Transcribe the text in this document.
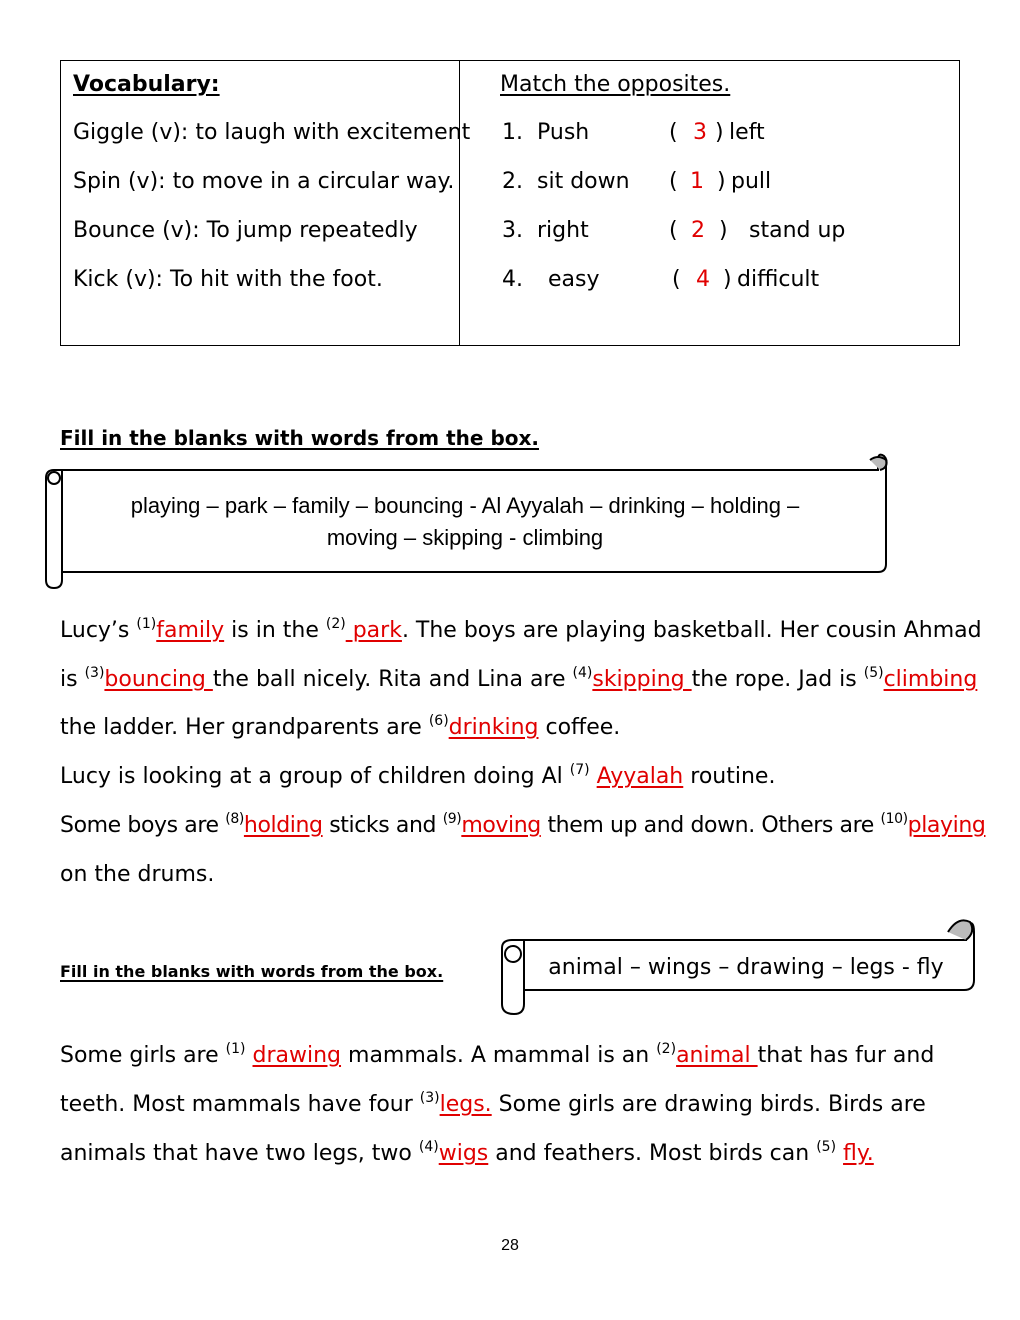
Vocabulary:
Giggle (v): to laugh with excitement
Spin (v): to move in a circular way.
Bounce (v): To jump repeatedly
Kick (v): To hit with the foot.
Match the opposites.
1. Push	( 3 ) left
2. sit down ( 1 ) pull
3. right	( 2 ) stand up
4. easy	( 4 ) difficult
Fill in the blanks with words from the box.
playing – park – family – bouncing - Al Ayyalah – drinking – holding –
moving – skipping - climbing
Lucy’s $^{(1)}$family is in the $^{(2)}$ park. The boys are playing basketball. Her cousin Ahmad
is $^{(3)}$bouncing the ball nicely. Rita and Lina are $^{(4)}$skipping the rope. Jad is $^{(5)}$climbing
the ladder. Her grandparents are $^{(6)}$drinking coffee.
Lucy is looking at a group of children doing Al $^{(7)}$ Ayyalah routine.
Some boys are $^{(8)}$holding sticks and $^{(9)}$moving them up and down. Others are $^{(10)}$playing
on the drums.
Fill in the blanks with words from the box.	animal – wings – drawing – legs - fly
Some girls are $^{(1)}$ drawing mammals. A mammal is an $^{(2)}$animal that has fur and
teeth. Most mammals have four $^{(3)}$legs. Some girls are drawing birds. Birds are
animals that have two legs, two $^{(4)}$wigs and feathers. Most birds can $^{(5)}$ fly.
28
